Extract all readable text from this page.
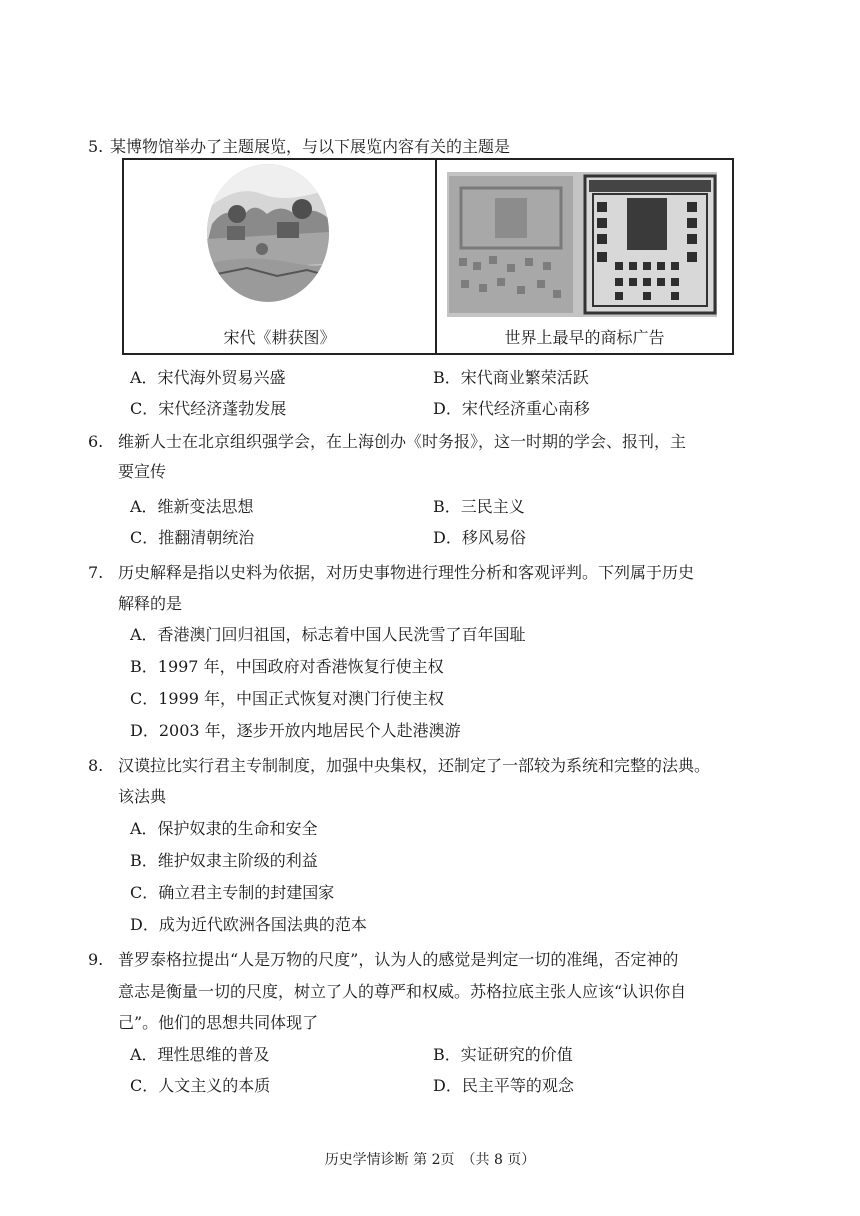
5. 某博物馆举办了主题展览，与以下展览内容有关的主题是
宋代《耕获图》	世界上最早的商标广告
A．宋代海外贸易兴盛	B．宋代商业繁荣活跃
C．宋代经济蓬勃发展	D．宋代经济重心南移
6. 维新人士在北京组织强学会，在上海创办《时务报》，这一时期的学会、报刊，主
要宣传
A．维新变法思想	B．三民主义
C．推翻清朝统治	D．移风易俗
7. 历史解释是指以史料为依据，对历史事物进行理性分析和客观评判。下列属于历史
解释的是
A．香港澳门回归祖国，标志着中国人民洗雪了百年国耻
B．1997 年，中国政府对香港恢复行使主权
C．1999 年，中国正式恢复对澳门行使主权
D．2003 年，逐步开放内地居民个人赴港澳游
8. 汉谟拉比实行君主专制制度，加强中央集权，还制定了一部较为系统和完整的法典。
该法典
A．保护奴隶的生命和安全
B．维护奴隶主阶级的利益
C．确立君主专制的封建国家
D．成为近代欧洲各国法典的范本
9. 普罗泰格拉提出“人是万物的尺度”，认为人的感觉是判定一切的准绳，否定神的
意志是衡量一切的尺度，树立了人的尊严和权威。苏格拉底主张人应该“认识你自
己”。他们的思想共同体现了
A．理性思维的普及	B．实证研究的价值
C．人文主义的本质	D．民主平等的观念
历史学情诊断 第 2页　（共 8 页）
